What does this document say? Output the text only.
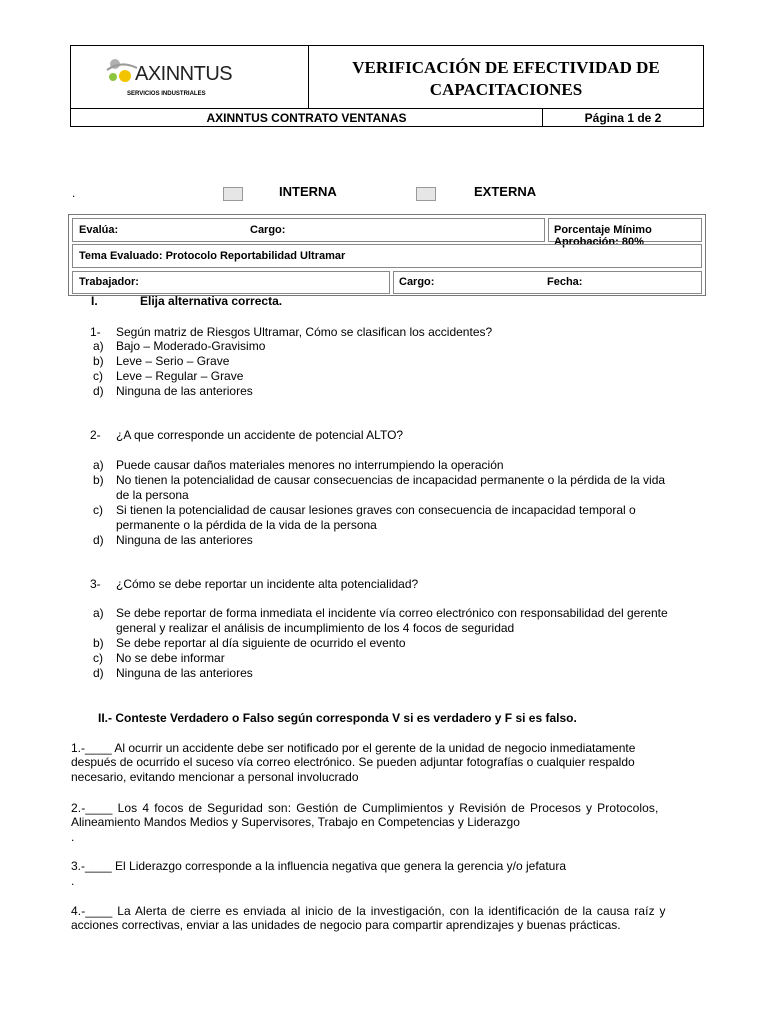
AXINNTUS
SERVICIOS INDUSTRIALES
VERIFICACIÓN DE EFECTIVIDAD DE
CAPACITACIONES
AXINNTUS CONTRATO VENTANAS	Página 1 de 2
.	INTERNA	EXTERNA
Evalúa:	Cargo:	Porcentaje Mínimo Aprobación: 80%
Tema Evaluado: Protocolo Reportabilidad Ultramar
Trabajador:	Cargo:	Fecha:
I.	Elija alternativa correcta.
1- Según matriz de Riesgos Ultramar, Cómo se clasifican los accidentes?
a) Bajo – Moderado-Gravisimo
b) Leve – Serio – Grave
c) Leve – Regular – Grave
d) Ninguna de las anteriores
2- ¿A que corresponde un accidente de potencial ALTO?
a) Puede causar daños materiales menores no interrumpiendo la operación
b) No tienen la potencialidad de causar consecuencias de incapacidad permanente o la pérdida de la vida
de la persona
c) Si tienen la potencialidad de causar lesiones graves con consecuencia de incapacidad temporal o
permanente o la pérdida de la vida de la persona
d) Ninguna de las anteriores
3- ¿Cómo se debe reportar un incidente alta potencialidad?
a) Se debe reportar de forma inmediata el incidente vía correo electrónico con responsabilidad del gerente
general y realizar el análisis de incumplimiento de los 4 focos de seguridad
b) Se debe reportar al día siguiente de ocurrido el evento
c) No se debe informar
d) Ninguna de las anteriores
II.- Conteste Verdadero o Falso según corresponda V si es verdadero y F si es falso.
1.-____ Al ocurrir un accidente debe ser notificado por el gerente de la unidad de negocio inmediatamente
después de ocurrido el suceso vía correo electrónico. Se pueden adjuntar fotografías o cualquier respaldo
necesario, evitando mencionar a personal involucrado
2.-____ Los 4 focos de Seguridad son: Gestión de Cumplimientos y Revisión de Procesos y Protocolos,
Alineamiento Mandos Medios y Supervisores, Trabajo en Competencias y Liderazgo
.
3.-____ El Liderazgo corresponde a la influencia negativa que genera la gerencia y/o jefatura
.
4.-____ La Alerta de cierre es enviada al inicio de la investigación, con la identificación de la causa raíz y
acciones correctivas, enviar a las unidades de negocio para compartir aprendizajes y buenas prácticas.
